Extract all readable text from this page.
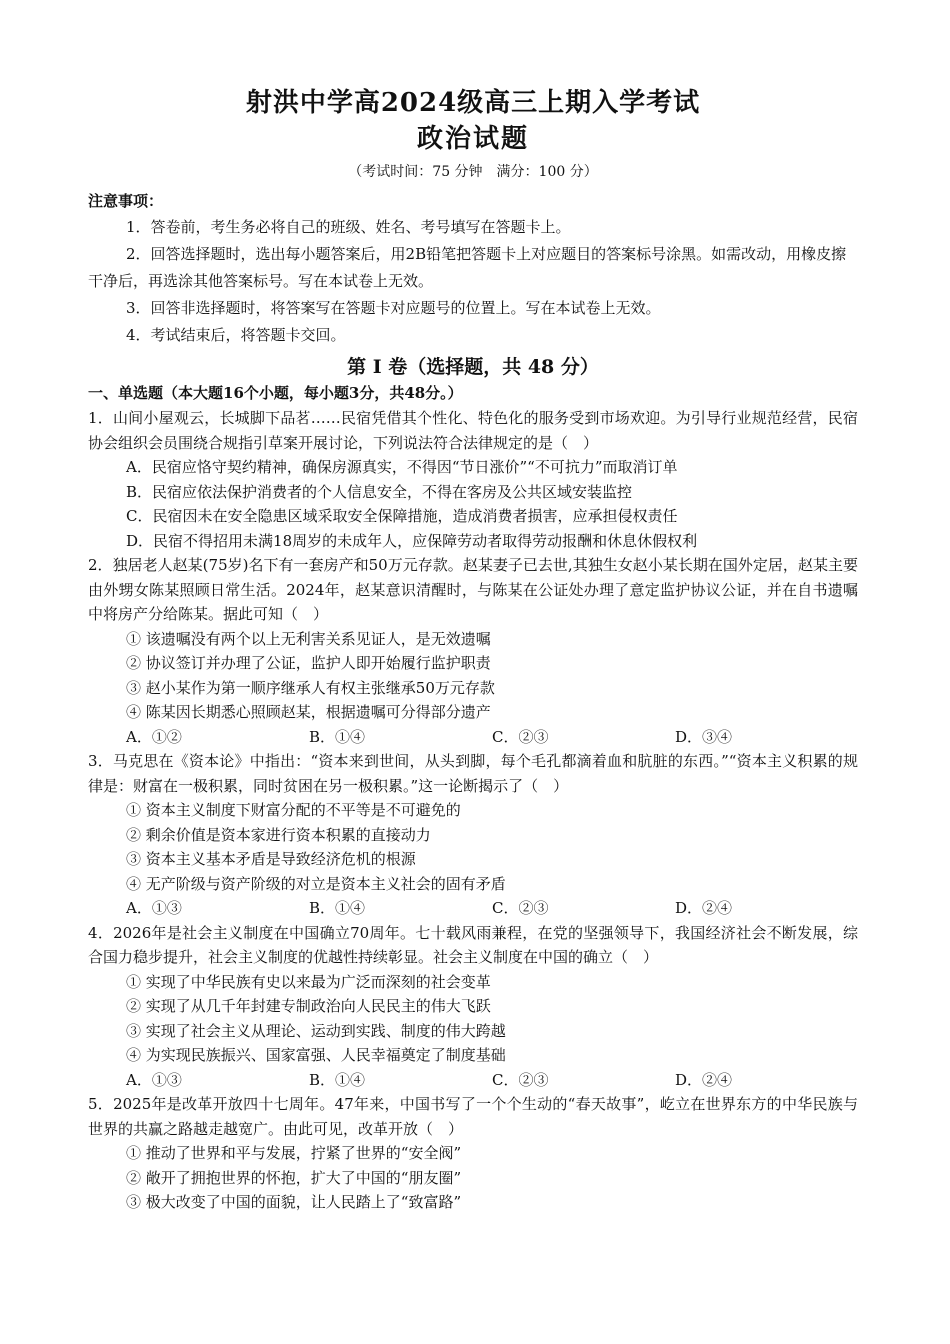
射洪中学高2024级高三上期入学考试
政治试题
（考试时间：75 分钟　满分：100 分）
注意事项：
1．答卷前，考生务必将自己的班级、姓名、考号填写在答题卡上。
2．回答选择题时，选出每小题答案后，用2B铅笔把答题卡上对应题目的答案标号涂黑。如需改动，用橡皮擦干净后，再选涂其他答案标号。写在本试卷上无效。
3．回答非选择题时，将答案写在答题卡对应题号的位置上。写在本试卷上无效。
4．考试结束后，将答题卡交回。
第 I 卷（选择题，共 48 分）
一、单选题（本大题16个小题，每小题3分，共48分。）
1．山间小屋观云，长城脚下品茗……民宿凭借其个性化、特色化的服务受到市场欢迎。为引导行业规范经营，民宿协会组织会员围绕合规指引草案开展讨论，下列说法符合法律规定的是（　）
A．民宿应恪守契约精神，确保房源真实，不得因“节日涨价”“不可抗力”而取消订单
B．民宿应依法保护消费者的个人信息安全，不得在客房及公共区域安装监控
C．民宿因未在安全隐患区域采取安全保障措施，造成消费者损害，应承担侵权责任
D．民宿不得招用未满18周岁的未成年人，应保障劳动者取得劳动报酬和休息休假权利
2．独居老人赵某(75岁)名下有一套房产和50万元存款。赵某妻子已去世,其独生女赵小某长期在国外定居，赵某主要由外甥女陈某照顾日常生活。2024年，赵某意识清醒时，与陈某在公证处办理了意定监护协议公证，并在自书遗嘱中将房产分给陈某。据此可知（　）
① 该遗嘱没有两个以上无利害关系见证人，是无效遗嘱
② 协议签订并办理了公证，监护人即开始履行监护职责
③ 赵小某作为第一顺序继承人有权主张继承50万元存款
④ 陈某因长期悉心照顾赵某，根据遗嘱可分得部分遗产
A．①②	B．①④	C．②③	D．③④
3．马克思在《资本论》中指出：“资本来到世间，从头到脚，每个毛孔都滴着血和肮脏的东西。”“资本主义积累的规律是：财富在一极积累，同时贫困在另一极积累。”这一论断揭示了（　）
① 资本主义制度下财富分配的不平等是不可避免的
② 剩余价值是资本家进行资本积累的直接动力
③ 资本主义基本矛盾是导致经济危机的根源
④ 无产阶级与资产阶级的对立是资本主义社会的固有矛盾
A．①③	B．①④	C．②③	D．②④
4．2026年是社会主义制度在中国确立70周年。七十载风雨兼程，在党的坚强领导下，我国经济社会不断发展，综合国力稳步提升，社会主义制度的优越性持续彰显。社会主义制度在中国的确立（　）
① 实现了中华民族有史以来最为广泛而深刻的社会变革
② 实现了从几千年封建专制政治向人民民主的伟大飞跃
③ 实现了社会主义从理论、运动到实践、制度的伟大跨越
④ 为实现民族振兴、国家富强、人民幸福奠定了制度基础
A．①③	B．①④	C．②③	D．②④
5．2025年是改革开放四十七周年。47年来，中国书写了一个个生动的“春天故事”，屹立在世界东方的中华民族与世界的共赢之路越走越宽广。由此可见，改革开放（　）
① 推动了世界和平与发展，拧紧了世界的“安全阀”
② 敞开了拥抱世界的怀抱，扩大了中国的“朋友圈”
③ 极大改变了中国的面貌，让人民踏上了“致富路”
